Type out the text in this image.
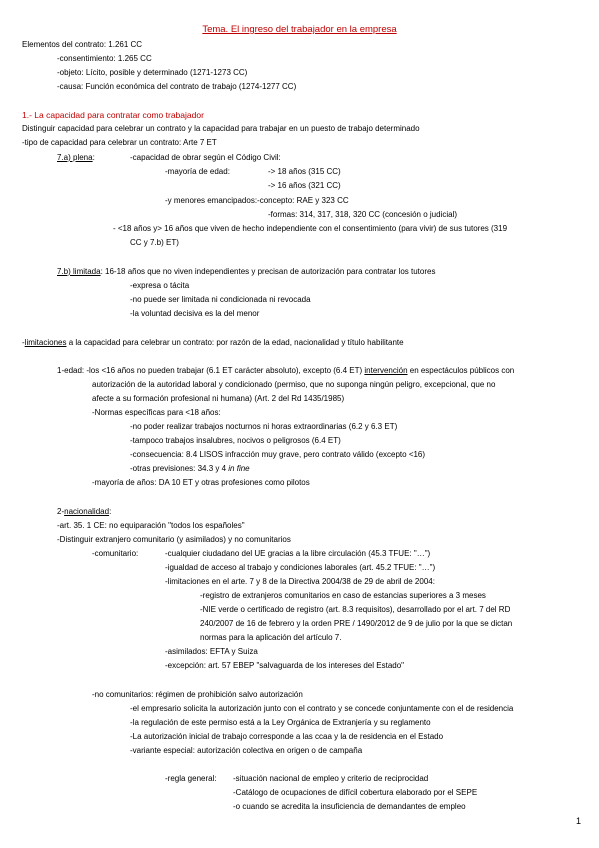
Tema. El ingreso del trabajador en la empresa
Elementos del contrato: 1.261 CC
-consentimiento: 1.265 CC
-objeto: Lícito, posible y determinado (1271-1273 CC)
-causa: Función económica del contrato de trabajo (1274-1277 CC)
1.- La capacidad para contratar como trabajador
Distinguir capacidad para celebrar un contrato y la capacidad para trabajar en un puesto de trabajo determinado
-tipo de capacidad para celebrar un contrato: Arte 7 ET
7.a) plena:	-capacidad de obrar según el Código Civil:
-mayoría de edad:	-> 18 años (315 CC)
-> 16 años (321 CC)
-y menores emancipados:-concepto: RAE y 323 CC
-formas: 314, 317, 318, 320 CC (concesión o judicial)
- <18 años y> 16 años que viven de hecho independiente con el consentimiento (para vivir) de sus tutores (319
CC y 7.b) ET)
7.b) limitada: 16-18 años que no viven independientes y precisan de autorización para contratar los tutores
-expresa o tácita
-no puede ser limitada ni condicionada ni revocada
-la voluntad decisiva es la del menor
-limitaciones a la capacidad para celebrar un contrato: por razón de la edad, nacionalidad y título habilitante
1-edad: -los <16 años no pueden trabajar (6.1 ET carácter absoluto), excepto (6.4 ET) intervención en espectáculos públicos con
autorización de la autoridad laboral y condicionado (permiso, que no suponga ningún peligro, excepcional, que no
afecte a su formación profesional ni humana) (Art. 2 del Rd 1435/1985)
-Normas específicas para <18 años:
-no poder realizar trabajos nocturnos ni horas extraordinarias (6.2 y 6.3 ET)
-tampoco trabajos insalubres, nocivos o peligrosos (6.4 ET)
-consecuencia: 8.4 LISOS infracción muy grave, pero contrato válido (excepto <16)
-otras previsiones: 34.3 y 4 in fine
-mayoría de años: DA 10 ET y otras profesiones como pilotos
2-nacionalidad:
-art. 35. 1 CE: no equiparación "todos los españoles"
-Distinguir extranjero comunitario (y asimilados) y no comunitarios
-comunitario:	-cualquier ciudadano del UE gracias a la libre circulación (45.3 TFUE: "…")
-igualdad de acceso al trabajo y condiciones laborales (art. 45.2 TFUE: "…")
-limitaciones en el arte. 7 y 8 de la Directiva 2004/38 de 29 de abril de 2004:
-registro de extranjeros comunitarios en caso de estancias superiores a 3 meses
-NIE verde o certificado de registro (art. 8.3 requisitos), desarrollado por el art. 7 del RD
240/2007 de 16 de febrero y la orden PRE / 1490/2012 de 9 de julio por la que se dictan
normas para la aplicación del artículo 7.
-asimilados: EFTA y Suiza
-excepción: art. 57 EBEP "salvaguarda de los intereses del Estado"
-no comunitarios: régimen de prohibición salvo autorización
-el empresario solicita la autorización junto con el contrato y se concede conjuntamente con el de residencia
-la regulación de este permiso está a la Ley Orgánica de Extranjería y su reglamento
-La autorización inicial de trabajo corresponde a las ccaa y la de residencia en el Estado
-variante especial: autorización colectiva en origen o de campaña
-regla general: -situación nacional de empleo y criterio de reciprocidad
-Catálogo de ocupaciones de difícil cobertura elaborado por el SEPE
-o cuando se acredita la insuficiencia de demandantes de empleo
1
